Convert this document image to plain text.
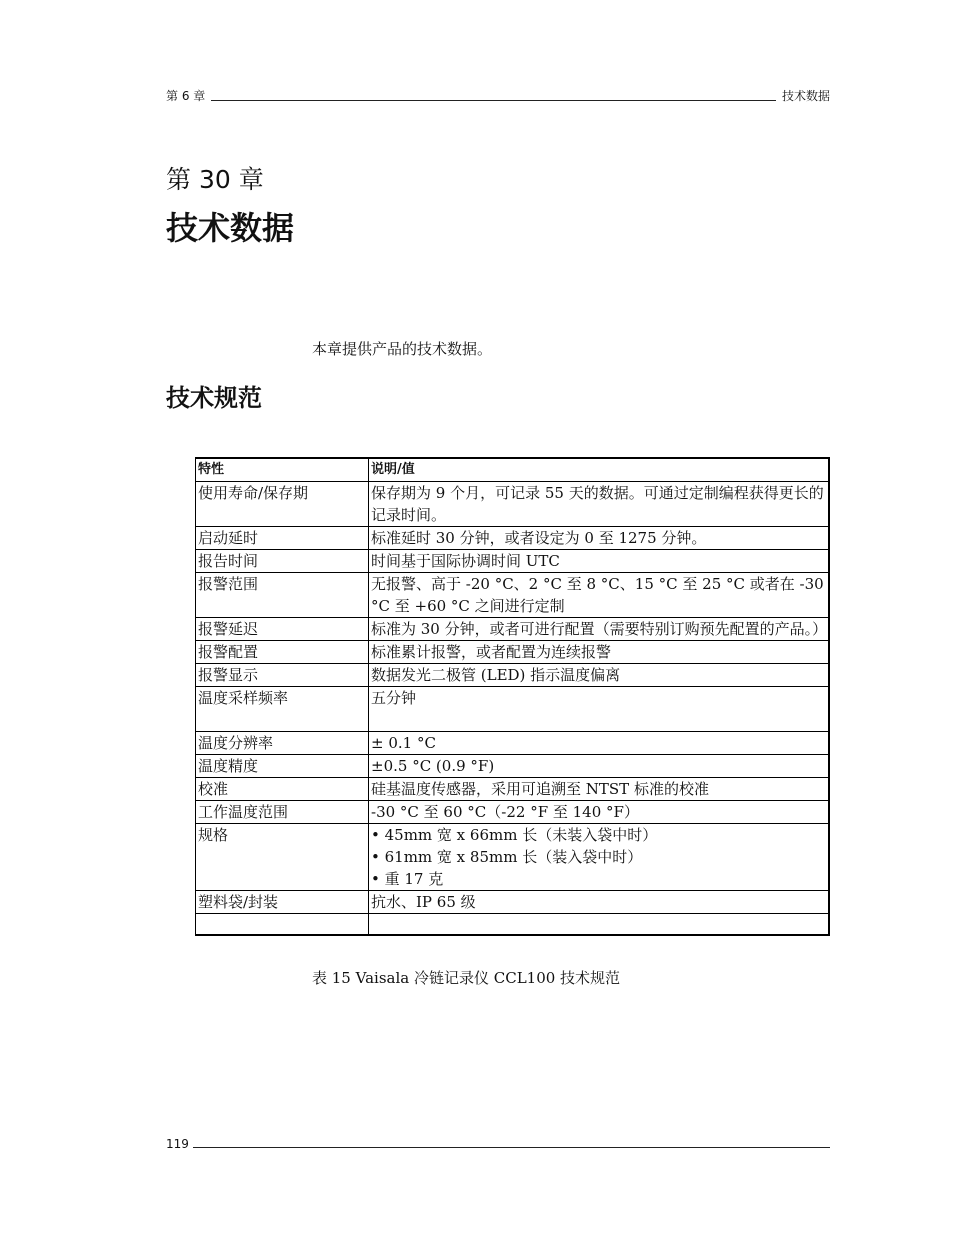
第 6 章	技术数据
第 30 章
技术数据
本章提供产品的技术数据。
技术规范
特性	说明/值
使用寿命/保存期	保存期为 9 个月，可记录 55 天的数据。可通过定制编程获得更长的记录时间。
启动延时	标准延时 30 分钟，或者设定为 0 至 1275 分钟。
报告时间	时间基于国际协调时间 UTC
报警范围	无报警、高于 -20 °C、2 °C 至 8 °C、15 °C 至 25 °C 或者在 -30 °C 至 +60 °C 之间进行定制
报警延迟	标准为 30 分钟，或者可进行配置（需要特别订购预先配置的产品。）
报警配置	标准累计报警，或者配置为连续报警
报警显示	数据发光二极管 (LED) 指示温度偏离
温度采样频率	五分钟
温度分辨率	± 0.1 °C
温度精度	±0.5 °C (0.9 °F)
校准	硅基温度传感器，采用可追溯至 NTST 标准的校准
工作温度范围	-30 °C 至 60 °C（-22 °F 至 140 °F）
规格	• 45mm 宽 x 66mm 长（未装入袋中时）
• 61mm 宽 x 85mm 长（装入袋中时）
• 重 17 克

塑料袋/封装	抗水、IP 65 级

表 15 Vaisala 冷链记录仪 CCL100 技术规范
119
